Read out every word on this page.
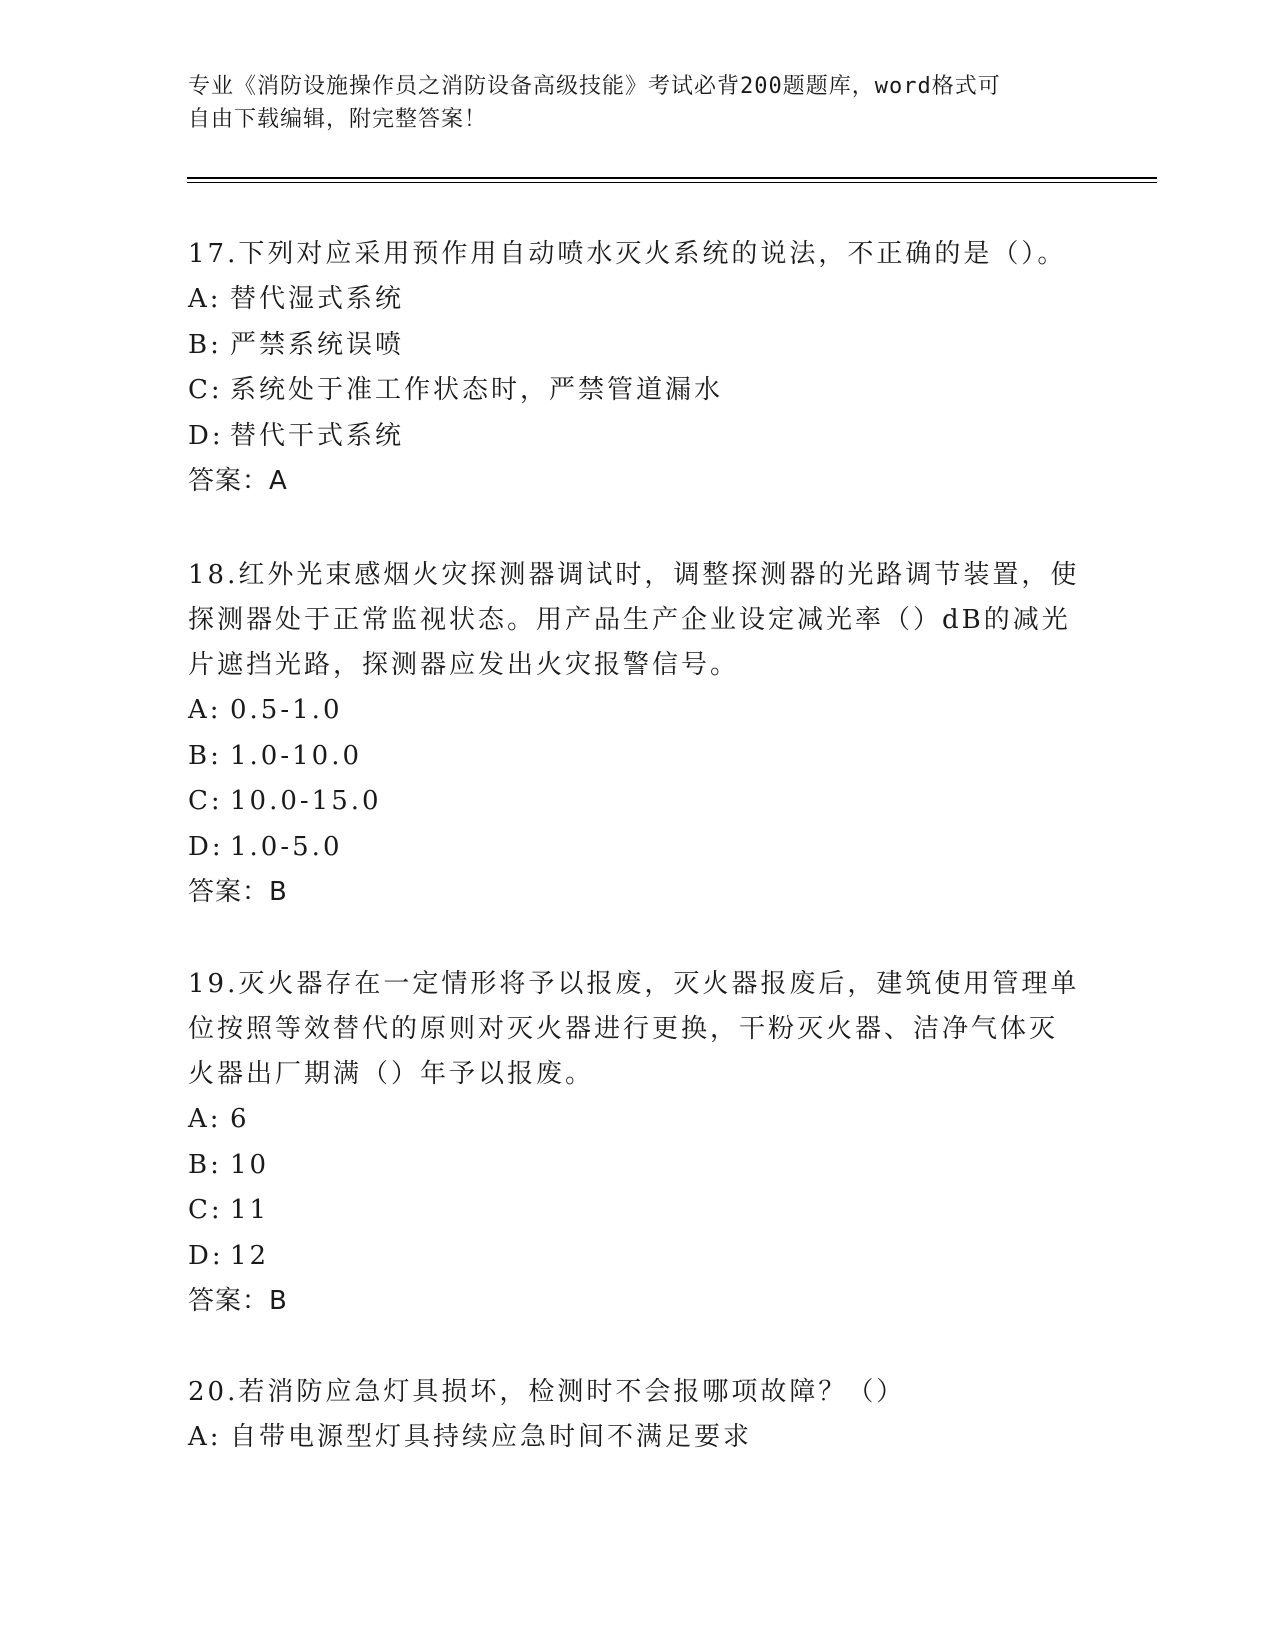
专业《消防设施操作员之消防设备高级技能》考试必背200题题库，word格式可
自由下载编辑，附完整答案！

17.下列对应采用预作用自动喷水灭火系统的说法，不正确的是（）。

A: 替代湿式系统

B: 严禁系统误喷

C: 系统处于准工作状态时，严禁管道漏水

D: 替代干式系统

答案：A

18.红外光束感烟火灾探测器调试时，调整探测器的光路调节装置，使探测器处于正常监视状态。用产品生产企业设定减光率（）dB的减光片遮挡光路，探测器应发出火灾报警信号。

A: 0.5-1.0

B: 1.0-10.0

C: 10.0-15.0

D: 1.0-5.0

答案：B

19.灭火器存在一定情形将予以报废，灭火器报废后，建筑使用管理单位按照等效替代的原则对灭火器进行更换，干粉灭火器、洁净气体灭火器出厂期满（）年予以报废。

A: 6

B: 10

C: 11

D: 12

答案：B

20.若消防应急灯具损坏，检测时不会报哪项故障？（）

A: 自带电源型灯具持续应急时间不满足要求
